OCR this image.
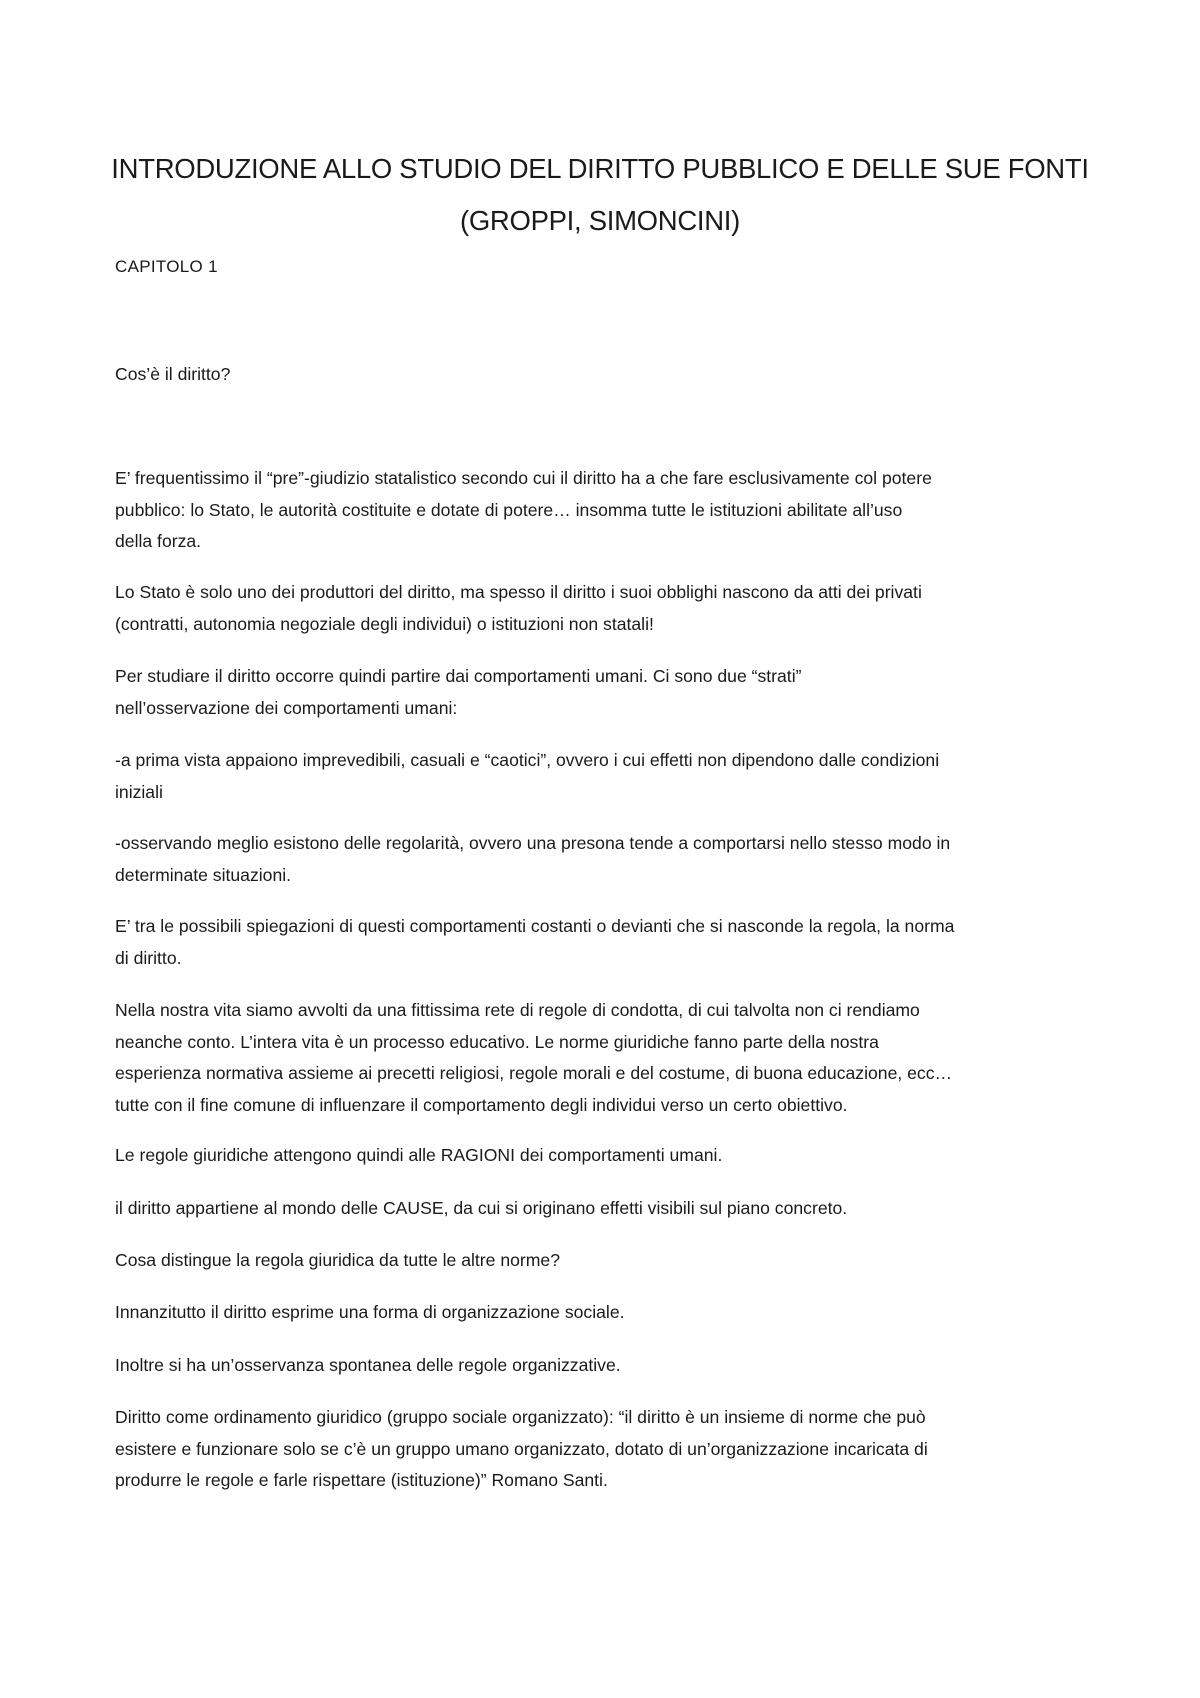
INTRODUZIONE ALLO STUDIO DEL DIRITTO PUBBLICO E DELLE SUE FONTI
(GROPPI, SIMONCINI)

CAPITOLO 1

Cos’è il diritto?

E’ frequentissimo il “pre”-giudizio statalistico secondo cui il diritto ha a che fare esclusivamente col potere
pubblico: lo Stato, le autorità costituite e dotate di potere… insomma tutte le istituzioni abilitate all’uso
della forza.

Lo Stato è solo uno dei produttori del diritto, ma spesso il diritto i suoi obblighi nascono da atti dei privati
(contratti, autonomia negoziale degli individui) o istituzioni non statali!

Per studiare il diritto occorre quindi partire dai comportamenti umani. Ci sono due “strati”
nell’osservazione dei comportamenti umani:

-a prima vista appaiono imprevedibili, casuali e “caotici”, ovvero i cui effetti non dipendono dalle condizioni
iniziali

-osservando meglio esistono delle regolarità, ovvero una presona tende a comportarsi nello stesso modo in
determinate situazioni.

E’ tra le possibili spiegazioni di questi comportamenti costanti o devianti che si nasconde la regola, la norma
di diritto.

Nella nostra vita siamo avvolti da una fittissima rete di regole di condotta, di cui talvolta non ci rendiamo
neanche conto. L’intera vita è un processo educativo. Le norme giuridiche fanno parte della nostra
esperienza normativa assieme ai precetti religiosi, regole morali e del costume, di buona educazione, ecc…
tutte con il fine comune di influenzare il comportamento degli individui verso un certo obiettivo.

Le regole giuridiche attengono quindi alle RAGIONI dei comportamenti umani.

il diritto appartiene al mondo delle CAUSE, da cui si originano effetti visibili sul piano concreto.

Cosa distingue la regola giuridica da tutte le altre norme?

Innanzitutto il diritto esprime una forma di organizzazione sociale.

Inoltre si ha un’osservanza spontanea delle regole organizzative.

Diritto come ordinamento giuridico (gruppo sociale organizzato): “il diritto è un insieme di norme che può
esistere e funzionare solo se c’è un gruppo umano organizzato, dotato di un’organizzazione incaricata di
produrre le regole e farle rispettare (istituzione)” Romano Santi.
